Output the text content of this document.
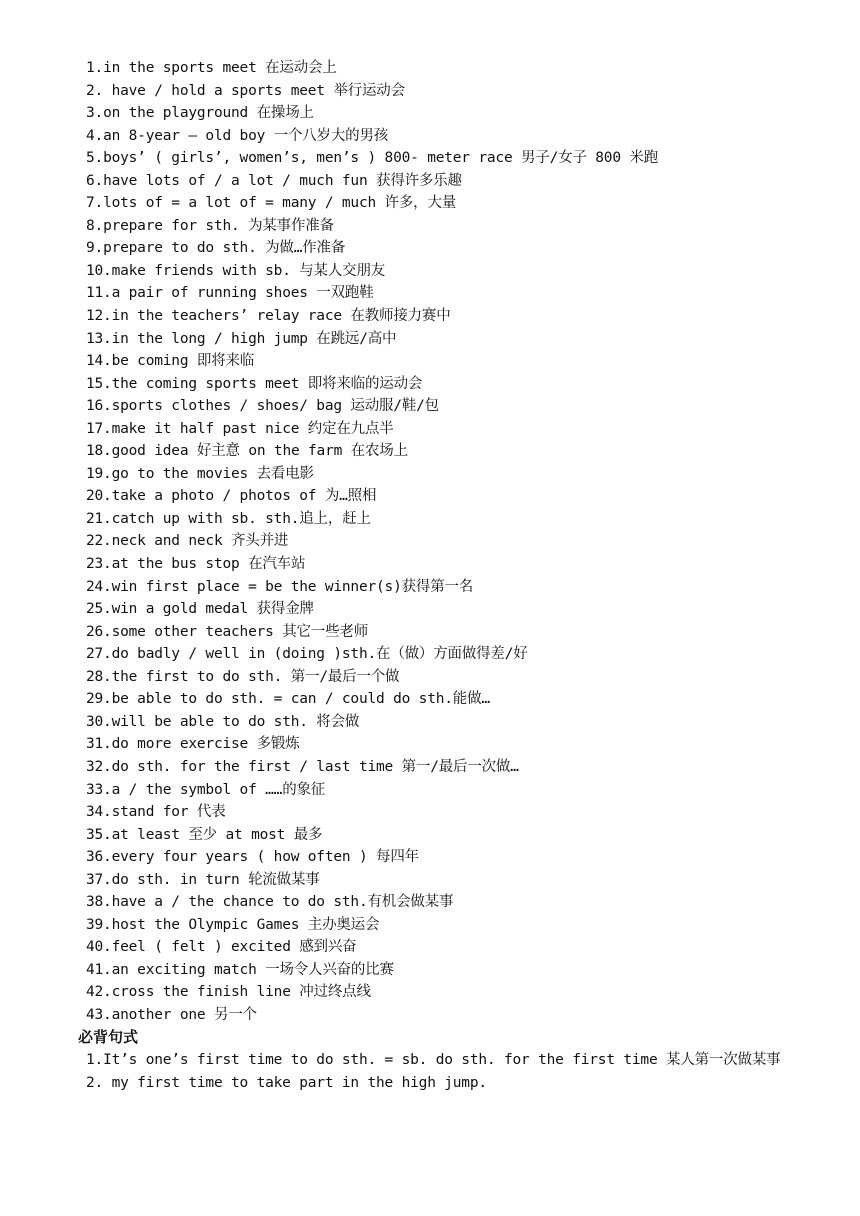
1.in the sports meet 在运动会上
2. have / hold a sports meet 举行运动会
3.on the playground 在操场上
4.an 8-year – old boy 一个八岁大的男孩
5.boys’ ( girls’, women’s, men’s ) 800- meter race 男子/女子 800 米跑
6.have lots of / a lot / much fun 获得许多乐趣
7.lots of = a lot of = many / much 许多，大量
8.prepare for sth. 为某事作准备
9.prepare to do sth. 为做…作准备
10.make friends with sb. 与某人交朋友
11.a pair of running shoes 一双跑鞋
12.in the teachers’ relay race 在教师接力赛中
13.in the long / high jump 在跳远/高中
14.be coming 即将来临
15.the coming sports meet 即将来临的运动会
16.sports clothes / shoes/ bag 运动服/鞋/包
17.make it half past nice 约定在九点半
18.good idea 好主意 on the farm 在农场上
19.go to the movies 去看电影
20.take a photo / photos of 为…照相
21.catch up with sb. sth.追上，赶上
22.neck and neck 齐头并进
23.at the bus stop 在汽车站
24.win first place = be the winner(s)获得第一名
25.win a gold medal 获得金牌
26.some other teachers 其它一些老师
27.do badly / well in (doing )sth.在（做）方面做得差/好
28.the first to do sth. 第一/最后一个做
29.be able to do sth. = can / could do sth.能做…
30.will be able to do sth. 将会做
31.do more exercise 多锻炼
32.do sth. for the first / last time 第一/最后一次做…
33.a / the symbol of ……的象征
34.stand for 代表
35.at least 至少 at most 最多
36.every four years ( how often ) 每四年
37.do sth. in turn 轮流做某事
38.have a / the chance to do sth.有机会做某事
39.host the Olympic Games 主办奥运会
40.feel ( felt ) excited 感到兴奋
41.an exciting match 一场令人兴奋的比赛
42.cross the finish line 冲过终点线
43.another one 另一个
必背句式
1.It’s one’s first time to do sth. = sb. do sth. for the first time 某人第一次做某事
2. my first time to take part in the high jump.
